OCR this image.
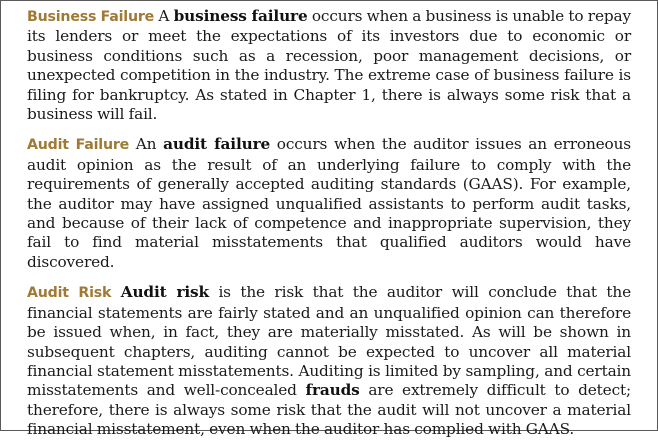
Business Failure A business failure occurs when a business is unable to repay its lenders or meet the expectations of its investors due to economic or business conditions such as a recession, poor management decisions, or unexpected competition in the industry. The extreme case of business failure is filing for bankruptcy. As stated in Chapter 1, there is always some risk that a business will fail.

Audit Failure An audit failure occurs when the auditor issues an erroneous audit opinion as the result of an underlying failure to comply with the requirements of generally accepted auditing standards (GAAS). For example, the auditor may have assigned unqualified assistants to perform audit tasks, and because of their lack of competence and inappropriate supervision, they fail to find material misstatements that qualified auditors would have discovered.

Audit Risk Audit risk is the risk that the auditor will conclude that the financial statements are fairly stated and an unqualified opinion can therefore be issued when, in fact, they are materially misstated. As will be shown in subsequent chapters, auditing cannot be expected to uncover all material financial statement misstatements. Auditing is limited by sampling, and certain misstatements and well-concealed frauds are extremely difficult to detect; therefore, there is always some risk that the audit will not uncover a material financial misstatement, even when the auditor has complied with GAAS.
